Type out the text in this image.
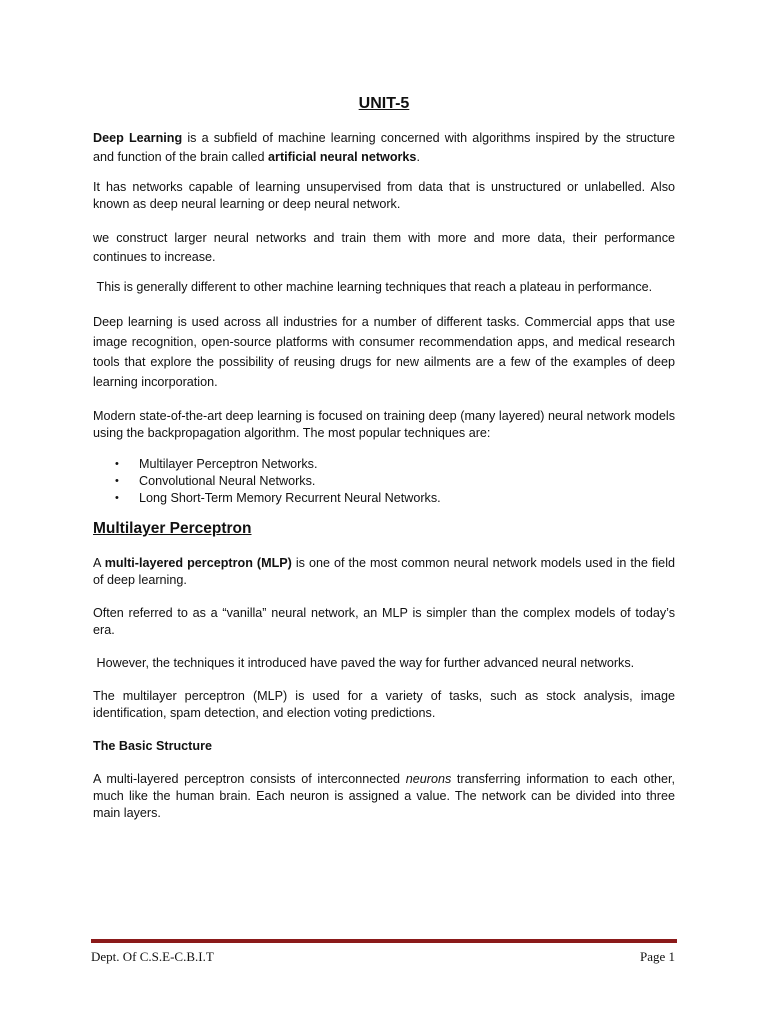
UNIT-5

Deep Learning is a subfield of machine learning concerned with algorithms inspired by the structure and function of the brain called artificial neural networks.

It has networks capable of learning unsupervised from data that is unstructured or unlabelled. Also known as deep neural learning or deep neural network.

we construct larger neural networks and train them with more and more data, their performance continues to increase.

This is generally different to other machine learning techniques that reach a plateau in performance.

Deep learning is used across all industries for a number of different tasks. Commercial apps that use image recognition, open-source platforms with consumer recommendation apps, and medical research tools that explore the possibility of reusing drugs for new ailments are a few of the examples of deep learning incorporation.

Modern state-of-the-art deep learning is focused on training deep (many layered) neural network models using the backpropagation algorithm. The most popular techniques are:

• Multilayer Perceptron Networks.
• Convolutional Neural Networks.
• Long Short-Term Memory Recurrent Neural Networks.
Multilayer Perceptron

A multi-layered perceptron (MLP) is one of the most common neural network models used in the field of deep learning.

Often referred to as a “vanilla” neural network, an MLP is simpler than the complex models of today’s era.

However, the techniques it introduced have paved the way for further advanced neural networks.

The multilayer perceptron (MLP) is used for a variety of tasks, such as stock analysis, image identification, spam detection, and election voting predictions.

The Basic Structure

A multi-layered perceptron consists of interconnected neurons transferring information to each other, much like the human brain. Each neuron is assigned a value. The network can be divided into three main layers.

Dept. Of C.S.E-C.B.I.T	Page 1
